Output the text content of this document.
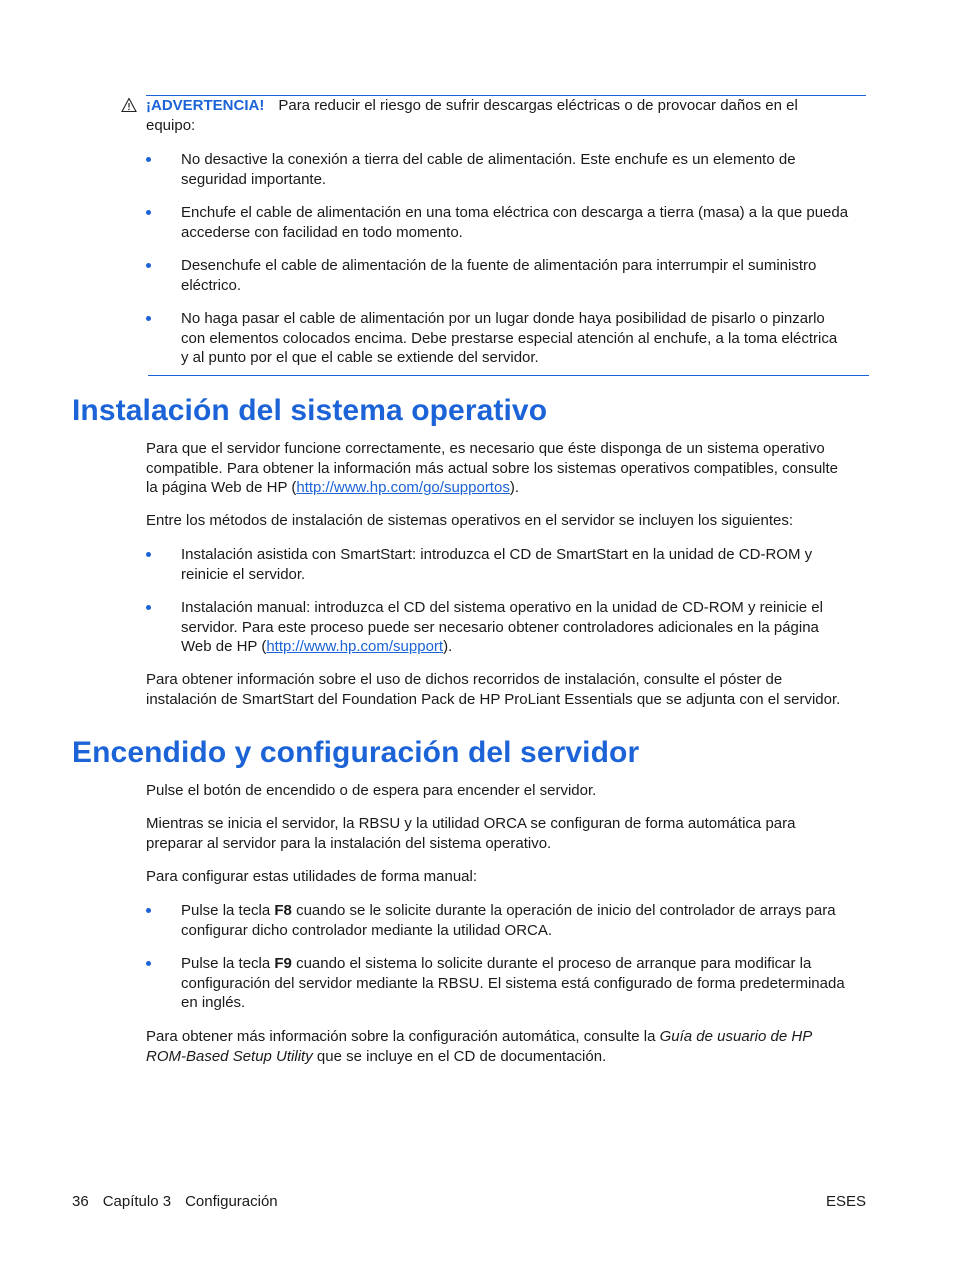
¡ADVERTENCIA! Para reducir el riesgo de sufrir descargas eléctricas o de provocar daños en el
equipo:
No desactive la conexión a tierra del cable de alimentación. Este enchufe es un elemento de
seguridad importante.
Enchufe el cable de alimentación en una toma eléctrica con descarga a tierra (masa) a la que pueda
accederse con facilidad en todo momento.
Desenchufe el cable de alimentación de la fuente de alimentación para interrumpir el suministro
eléctrico.
No haga pasar el cable de alimentación por un lugar donde haya posibilidad de pisarlo o pinzarlo
con elementos colocados encima. Debe prestarse especial atención al enchufe, a la toma eléctrica
y al punto por el que el cable se extiende del servidor.
Instalación del sistema operativo
Para que el servidor funcione correctamente, es necesario que éste disponga de un sistema operativo
compatible. Para obtener la información más actual sobre los sistemas operativos compatibles, consulte
la página Web de HP (http://www.hp.com/go/supportos).
Entre los métodos de instalación de sistemas operativos en el servidor se incluyen los siguientes:
Instalación asistida con SmartStart: introduzca el CD de SmartStart en la unidad de CD-ROM y
reinicie el servidor.
Instalación manual: introduzca el CD del sistema operativo en la unidad de CD-ROM y reinicie el
servidor. Para este proceso puede ser necesario obtener controladores adicionales en la página
Web de HP (http://www.hp.com/support).
Para obtener información sobre el uso de dichos recorridos de instalación, consulte el póster de
instalación de SmartStart del Foundation Pack de HP ProLiant Essentials que se adjunta con el servidor.
Encendido y configuración del servidor
Pulse el botón de encendido o de espera para encender el servidor.
Mientras se inicia el servidor, la RBSU y la utilidad ORCA se configuran de forma automática para
preparar al servidor para la instalación del sistema operativo.
Para configurar estas utilidades de forma manual:
Pulse la tecla F8 cuando se le solicite durante la operación de inicio del controlador de arrays para
configurar dicho controlador mediante la utilidad ORCA.
Pulse la tecla F9 cuando el sistema lo solicite durante el proceso de arranque para modificar la
configuración del servidor mediante la RBSU. El sistema está configurado de forma predeterminada
en inglés.
Para obtener más información sobre la configuración automática, consulte la Guía de usuario de HP
ROM-Based Setup Utility que se incluye en el CD de documentación.
36 Capítulo 3 Configuración	ESES
